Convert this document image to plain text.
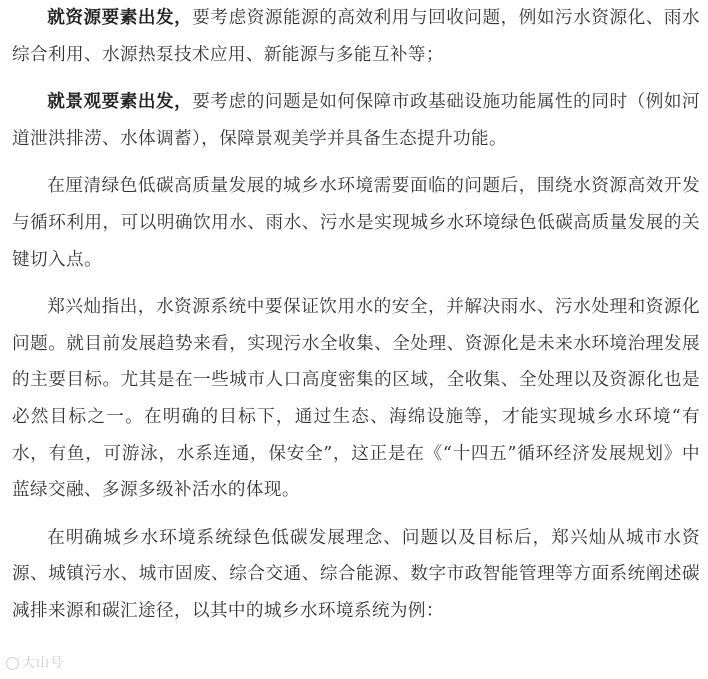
就资源要素出发，要考虑资源能源的高效利用与回收问题，例如污水资源化、雨水综合利用、水源热泵技术应用、新能源与多能互补等；

就景观要素出发，要考虑的问题是如何保障市政基础设施功能属性的同时（例如河道泄洪排涝、水体调蓄），保障景观美学并具备生态提升功能。

在厘清绿色低碳高质量发展的城乡水环境需要面临的问题后，围绕水资源高效开发与循环利用，可以明确饮用水、雨水、污水是实现城乡水环境绿色低碳高质量发展的关键切入点。

郑兴灿指出，水资源系统中要保证饮用水的安全，并解决雨水、污水处理和资源化问题。就目前发展趋势来看，实现污水全收集、全处理、资源化是未来水环境治理发展的主要目标。尤其是在一些城市人口高度密集的区域，全收集、全处理以及资源化也是必然目标之一。在明确的目标下，通过生态、海绵设施等，才能实现城乡水环境“有水，有鱼，可游泳，水系连通，保安全”，这正是在《“十四五”循环经济发展规划》中蓝绿交融、多源多级补活水的体现。

在明确城乡水环境系统绿色低碳发展理念、问题以及目标后，郑兴灿从城市水资源、城镇污水、城市固废、综合交通、综合能源、数字市政智能管理等方面系统阐述碳减排来源和碳汇途径，以其中的城乡水环境系统为例：

大山号
